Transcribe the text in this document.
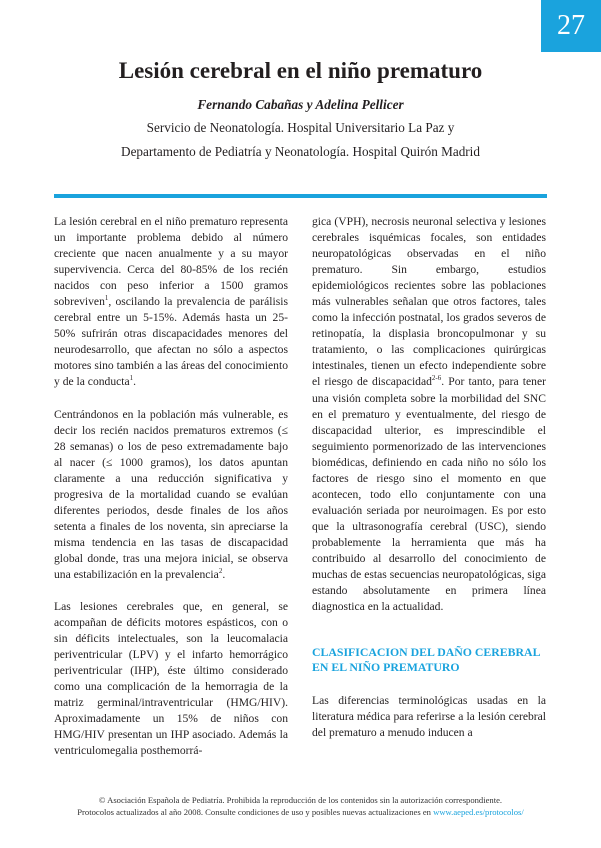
27
Lesión cerebral en el niño prematuro
Fernando Cabañas y Adelina Pellicer
Servicio de Neonatología. Hospital Universitario La Paz y
Departamento de Pediatría y Neonatología. Hospital Quirón Madrid

La lesión cerebral en el niño prematuro representa un importante problema debido al número creciente que nacen anualmente y a su mayor supervivencia. Cerca del 80-85% de los recién nacidos con peso inferior a 1500 gramos sobreviven$^1$, oscilando la prevalencia de parálisis cerebral entre un 5-15%. Además hasta un 25-50% sufrirán otras discapacidades menores del neurodesarrollo, que afectan no sólo a aspectos motores sino también a las áreas del conocimiento y de la conducta$^1$.

Centrándonos en la población más vulnerable, es decir los recién nacidos prematuros extremos (≤ 28 semanas) o los de peso extremadamente bajo al nacer (≤ 1000 gramos), los datos apuntan claramente a una reducción significativa y progresiva de la mortalidad cuando se evalúan diferentes periodos, desde finales de los años setenta a finales de los noventa, sin apreciarse la misma tendencia en las tasas de discapacidad global donde, tras una mejora inicial, se observa una estabilización en la prevalencia$^2$.

Las lesiones cerebrales que, en general, se acompañan de déficits motores espásticos, con o sin déficits intelectuales, son la leucomalacia periventricular (LPV) y el infarto hemorrágico periventricular (IHP), éste último considerado como una complicación de la hemorragia de la matriz germinal/intraventricular (HMG/HIV). Aproximadamente un 15% de niños con HMG/HIV presentan un IHP asociado. Además la ventriculomegalia posthemorrá-

gica (VPH), necrosis neuronal selectiva y lesiones cerebrales isquémicas focales, son entidades neuropatológicas observadas en el niño prematuro. Sin embargo, estudios epidemiológicos recientes sobre las poblaciones más vulnerables señalan que otros factores, tales como la infección postnatal, los grados severos de retinopatía, la displasia broncopulmonar y su tratamiento, o las complicaciones quirúrgicas intestinales, tienen un efecto independiente sobre el riesgo de discapacidad$^{2-6}$. Por tanto, para tener una visión completa sobre la morbilidad del SNC en el prematuro y eventualmente, del riesgo de discapacidad ulterior, es imprescindible el seguimiento pormenorizado de las intervenciones biomédicas, definiendo en cada niño no sólo los factores de riesgo sino el momento en que acontecen, todo ello conjuntamente con una evaluación seriada por neuroimagen. Es por esto que la ultrasonografía cerebral (USC), siendo probablemente la herramienta que más ha contribuido al desarrollo del conocimiento de muchas de estas secuencias neuropatológicas, siga estando absolutamente en primera línea diagnostica en la actualidad.

CLASIFICACION DEL DAÑO CEREBRAL EN EL NIÑO PREMATURO

Las diferencias terminológicas usadas en la literatura médica para referirse a la lesión cerebral del prematuro a menudo inducen a

© Asociación Española de Pediatría. Prohibida la reproducción de los contenidos sin la autorización correspondiente.
Protocolos actualizados al año 2008. Consulte condiciones de uso y posibles nuevas actualizaciones en www.aeped.es/protocolos/
